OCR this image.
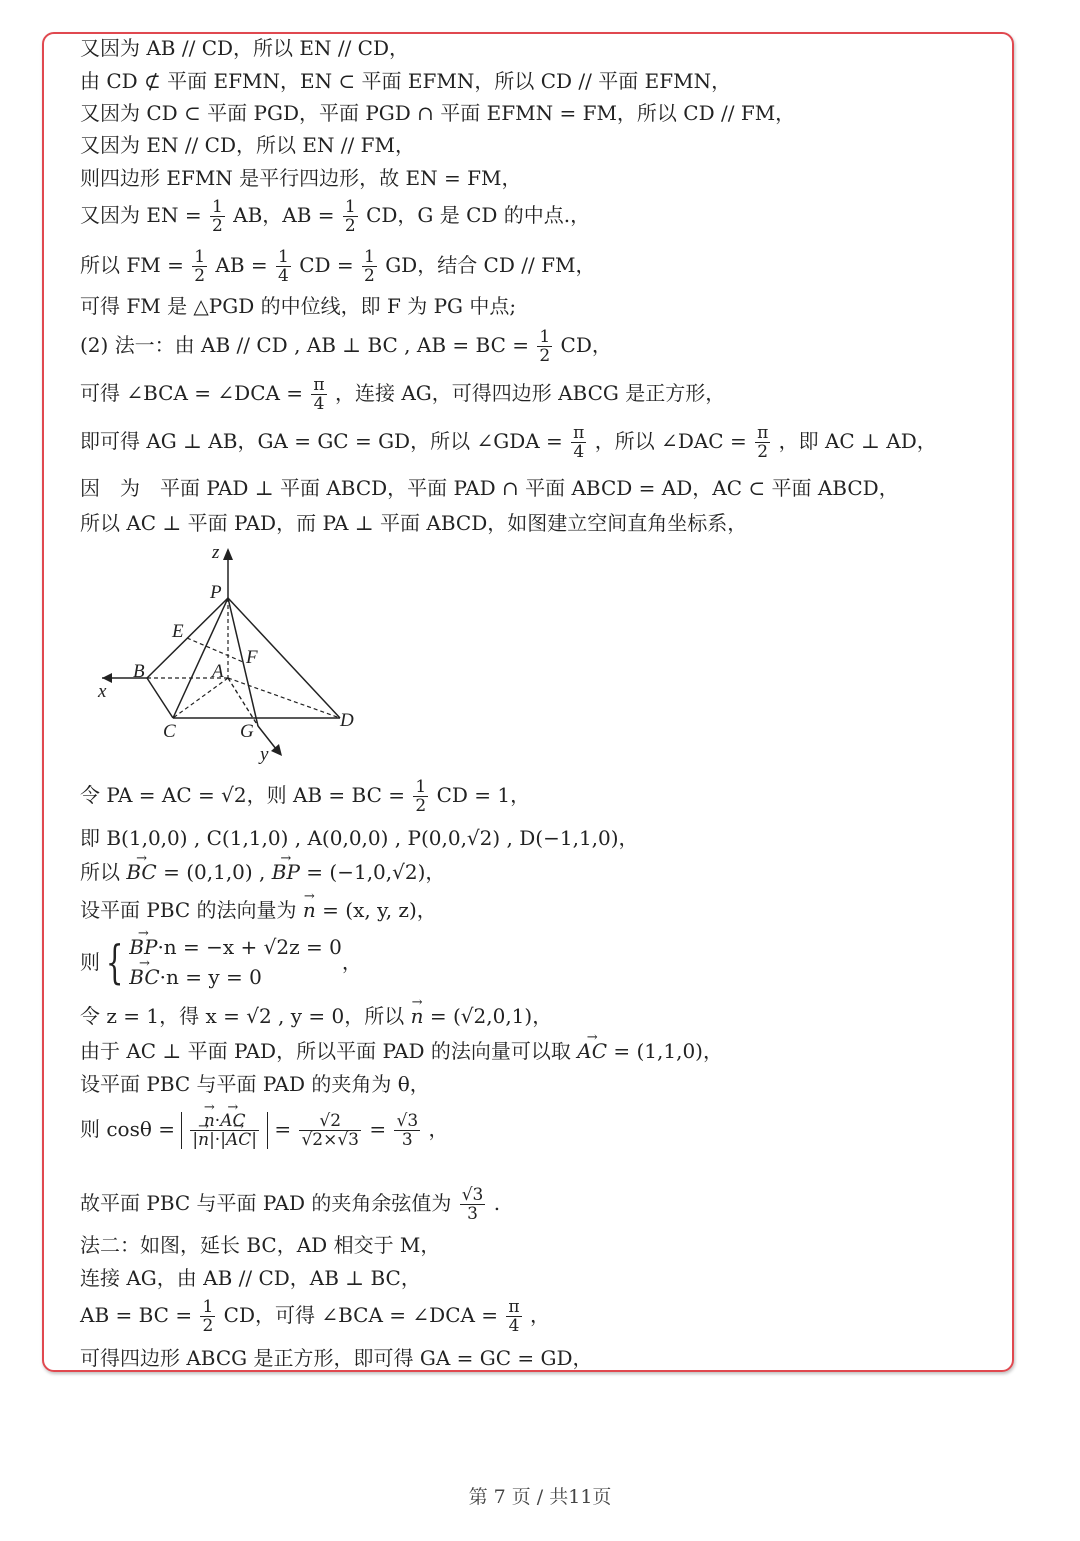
又因为 AB // CD，所以 EN // CD，
由 CD ⊄ 平面 EFMN，EN ⊂ 平面 EFMN，所以 CD // 平面 EFMN，
又因为 CD ⊂ 平面 PGD，平面 PGD ∩ 平面 EFMN = FM，所以 CD // FM，
又因为 EN // CD，所以 EN // FM，
则四边形 EFMN 是平行四边形，故 EN = FM，
又因为 EN = $\frac{1}{2}$ AB，AB = $\frac{1}{2}$ CD，G 是 CD 的中点.，
所以 FM = $\frac{1}{2}$ AB = $\frac{1}{4}$ CD = $\frac{1}{2}$ GD，结合 CD // FM，
可得 FM 是 △PGD 的中位线，即 F 为 PG 中点;
(2) 法一：由 AB // CD , AB ⊥ BC , AB = BC = $\frac{1}{2}$ CD，
可得 ∠BCA = ∠DCA = $\frac{\pi}{4}$ ，连接 AG，可得四边形 ABCG 是正方形，
即可得 AG ⊥ AB，GA = GC = GD，所以 ∠GDA = $\frac{\pi}{4}$ ，所以 ∠DAC = $\frac{\pi}{2}$ ，即 AC ⊥ AD，
因　为　平面 PAD ⊥ 平面 ABCD，平面 PAD ∩ 平面 ABCD = AD，AC ⊂ 平面 ABCD，
所以 AC ⊥ 平面 PAD，而 PA ⊥ 平面 ABCD，如图建立空间直角坐标系，
z
P
E
F
B	A
x
C	G
D
y
令 PA = AC = √2，则 AB = BC = $\frac{1}{2}$ CD = 1，
即 B(1,0,0) , C(1,1,0) , A(0,0,0) , P(0,0,√2) , D(−1,1,0)，
所以 → BC = (0,1,0) , → BP = (−1,0,√2)，
设平面 PBC 的法向量为 → n = (x, y, z)，
则 { → BP·n = −x + √2z = 0
→ BC·n = y = 0
，
令 z = 1，得 x = √2 , y = 0，所以 → n = (√2,0,1)，
由于 AC ⊥ 平面 PAD，所以平面 PAD 的法向量可以取 → AC = (1,1,0)，
设平面 PBC 与平面 PAD 的夹角为 θ，
则 cosθ = → $\frac{n\cdot\to AC}{|\to n|\cdot|\to AC|} = \frac{√2}{√2\times√3} = \frac{√3}{3}$ ，
故平面 PBC 与平面 PAD 的夹角余弦值为 $\frac{√3}{3}$ .
法二：如图，延长 BC，AD 相交于 M，
连接 AG，由 AB // CD，AB ⊥ BC，
AB = BC = $\frac{1}{2}$ CD，可得 ∠BCA = ∠DCA = $\frac{\pi}{4}$ ，
可得四边形 ABCG 是正方形，即可得 GA = GC = GD，
第 7 页 / 共11页
